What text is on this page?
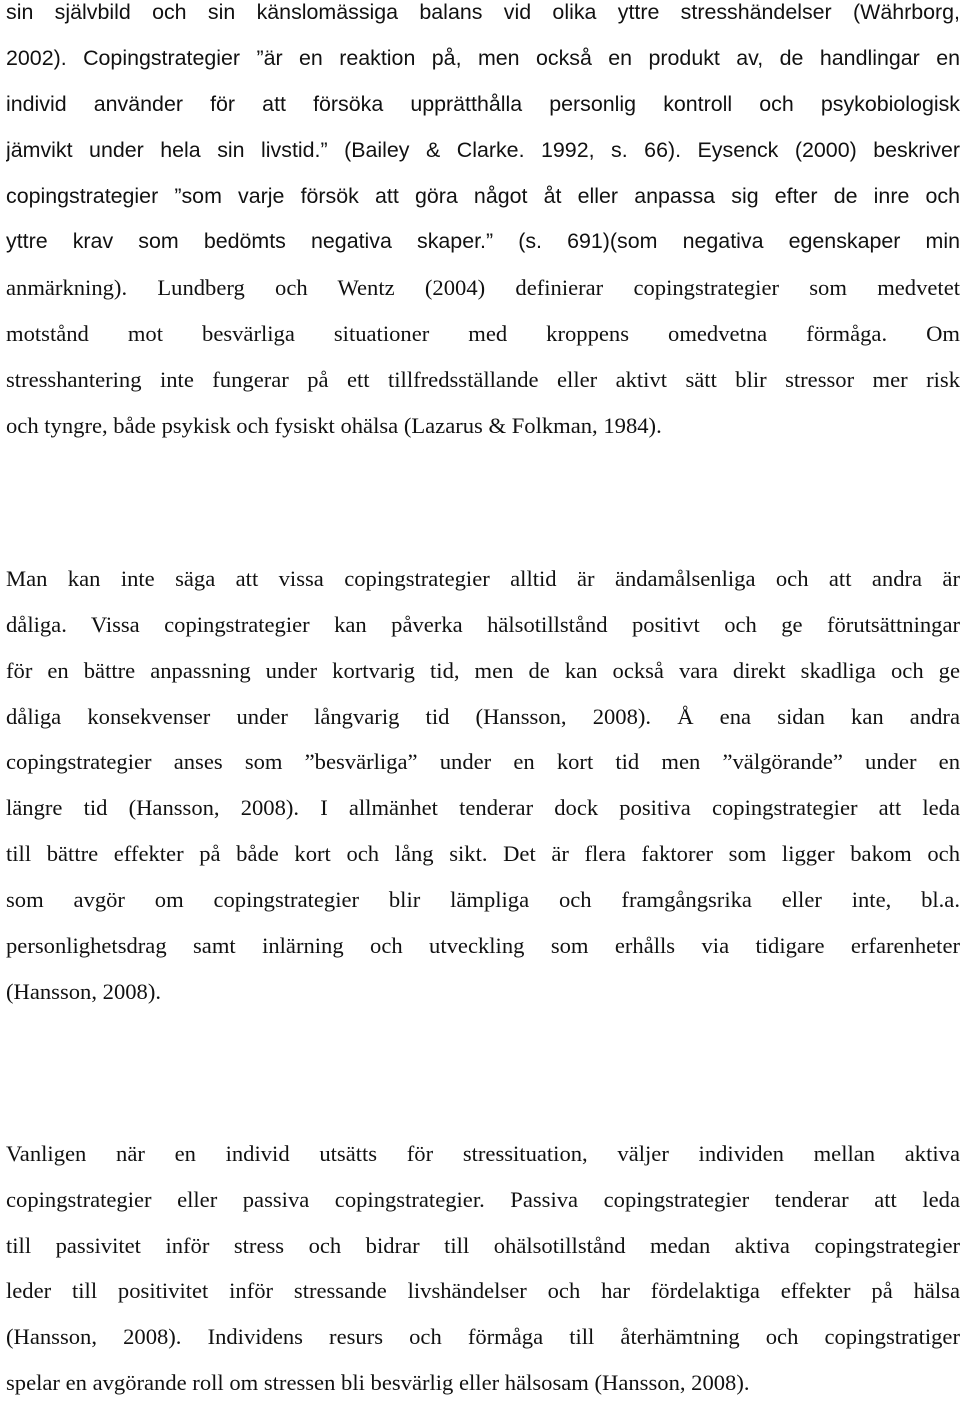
sin självbild och sin känslomässiga balans vid olika yttre stresshändelser (Währborg,
2002). Copingstrategier ”är en reaktion på, men också en produkt av, de handlingar en
individ använder för att försöka upprätthålla personlig kontroll och psykobiologisk
jämvikt under hela sin livstid.” (Bailey & Clarke. 1992, s. 66). Eysenck (2000) beskriver
copingstrategier ”som varje försök att göra något åt eller anpassa sig efter de inre och
yttre krav som bedömts negativa skaper.” (s. 691)(som negativa egenskaper min
anmärkning). Lundberg och Wentz (2004) definierar copingstrategier som medvetet
motstånd mot besvärliga situationer med kroppens omedvetna förmåga. Om
stresshantering inte fungerar på ett tillfredsställande eller aktivt sätt blir stressor mer risk
och tyngre, både psykisk och fysiskt ohälsa (Lazarus & Folkman, 1984).
Man kan inte säga att vissa copingstrategier alltid är ändamålsenliga och att andra är
dåliga. Vissa copingstrategier kan påverka hälsotillstånd positivt och ge förutsättningar
för en bättre anpassning under kortvarig tid, men de kan också vara direkt skadliga och ge
dåliga konsekvenser under långvarig tid (Hansson, 2008). Å ena sidan kan andra
copingstrategier anses som ”besvärliga” under en kort tid men ”välgörande” under en
längre tid (Hansson, 2008). I allmänhet tenderar dock positiva copingstrategier att leda
till bättre effekter på både kort och lång sikt. Det är flera faktorer som ligger bakom och
som avgör om copingstrategier blir lämpliga och framgångsrika eller inte, bl.a.
personlighetsdrag samt inlärning och utveckling som erhålls via tidigare erfarenheter
(Hansson, 2008).
Vanligen när en individ utsätts för stressituation, väljer individen mellan aktiva
copingstrategier eller passiva copingstrategier. Passiva copingstrategier tenderar att leda
till passivitet inför stress och bidrar till ohälsotillstånd medan aktiva copingstrategier
leder till positivitet inför stressande livshändelser och har fördelaktiga effekter på hälsa
(Hansson, 2008). Individens resurs och förmåga till återhämtning och copingstratiger
spelar en avgörande roll om stressen bli besvärlig eller hälsosam (Hansson, 2008).
